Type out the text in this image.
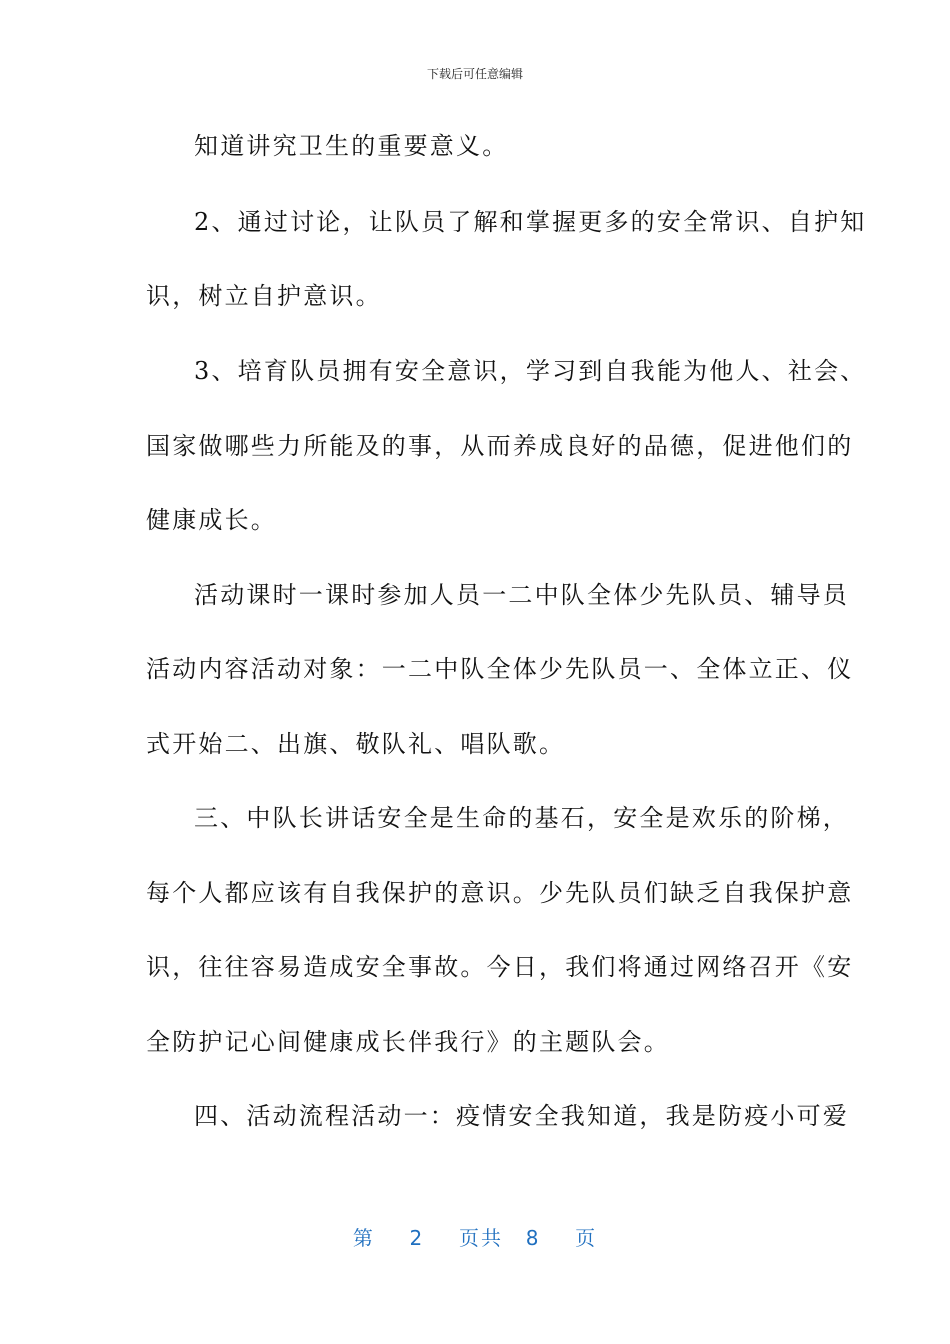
下载后可任意编辑
知道讲究卫生的重要意义。
2、通过讨论，让队员了解和掌握更多的安全常识、自护知
识，树立自护意识。
3、培育队员拥有安全意识，学习到自我能为他人、社会、
国家做哪些力所能及的事，从而养成良好的品德，促进他们的
健康成长。
活动课时一课时参加人员一二中队全体少先队员、辅导员
活动内容活动对象：一二中队全体少先队员一、全体立正、仪
式开始二、出旗、敬队礼、唱队歌。
三、中队长讲话安全是生命的基石，安全是欢乐的阶梯，
每个人都应该有自我保护的意识。少先队员们缺乏自我保护意
识，往往容易造成安全事故。今日，我们将通过网络召开《安
全防护记心间健康成长伴我行》的主题队会。
四、活动流程活动一：疫情安全我知道，我是防疫小可爱
第 2 页共 8 页
